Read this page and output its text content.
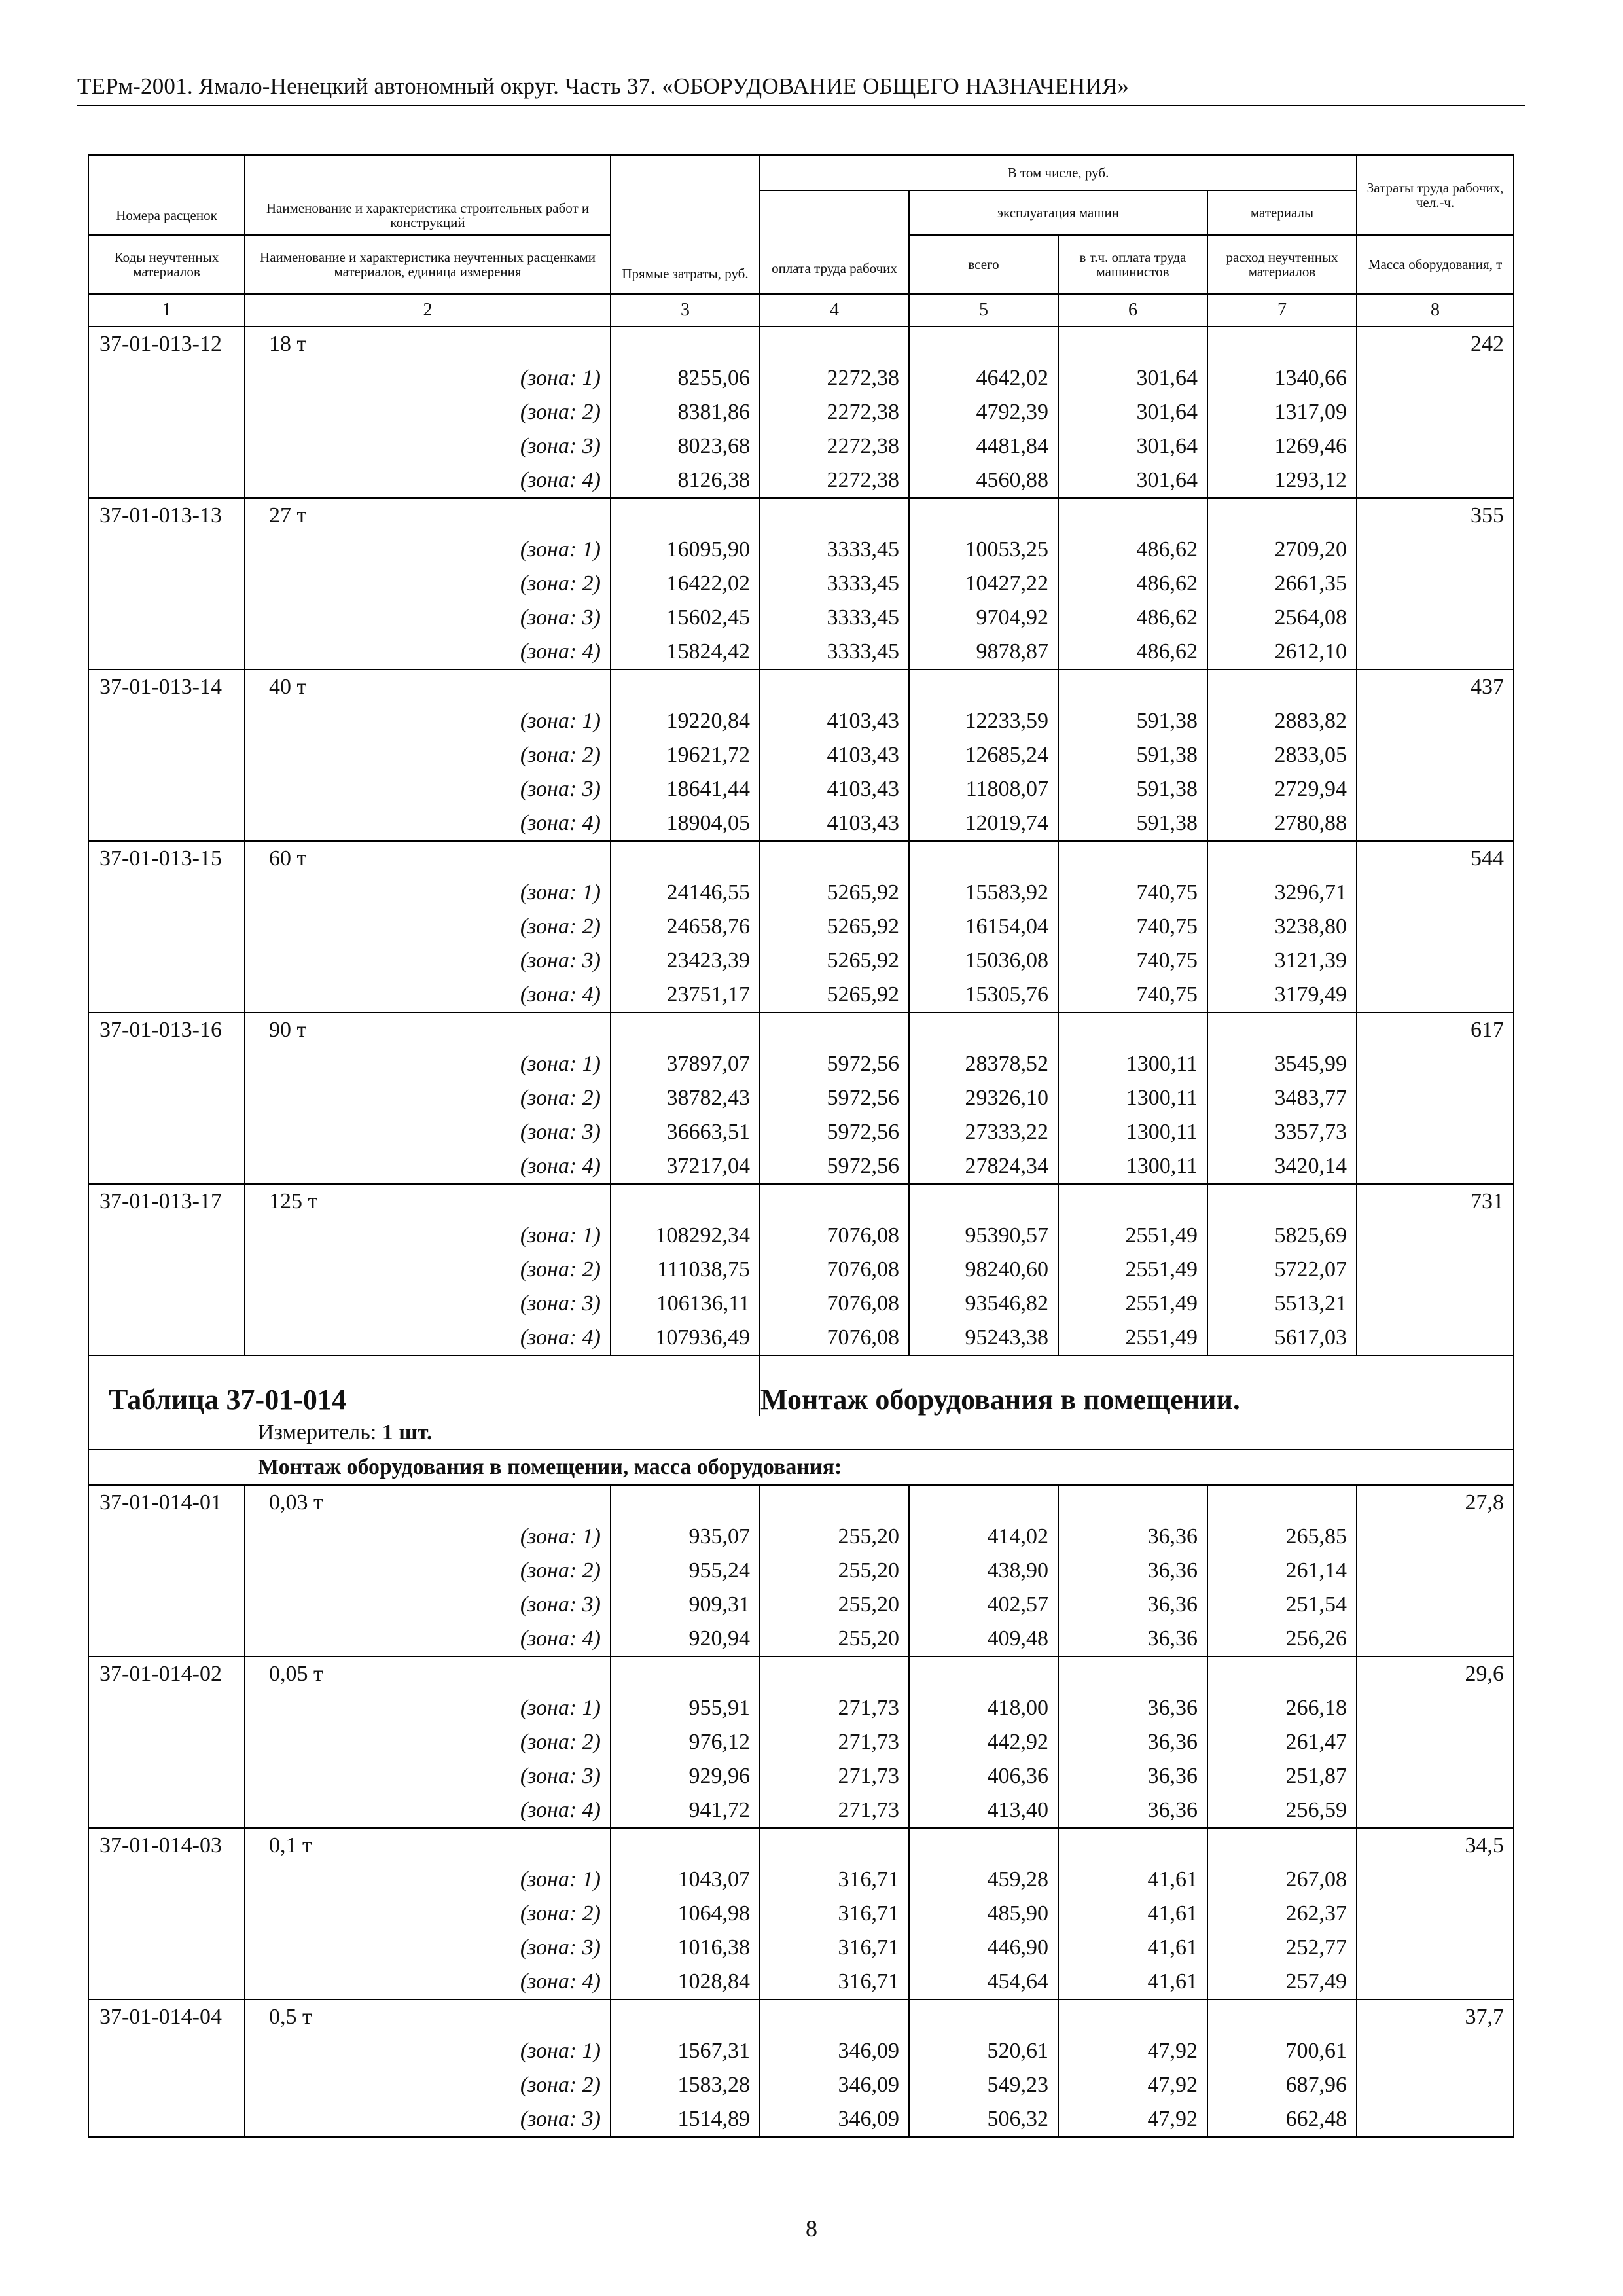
ТЕРм-2001. Ямало-Ненецкий автономный округ. Часть 37. «ОБОРУДОВАНИЕ ОБЩЕГО НАЗНАЧЕНИЯ»
Номера расценок	Наименование и характеристика строительных работ и конструкций	Прямые затраты, руб.	В том числе, руб.				Затраты труда рабочих, чел.-ч.
			оплата труда рабочих	эксплуатация машин		материалы	
				всего	в т.ч. оплата труда машинистов	расход неучтенных материалов	
Коды неучтенных материалов	Наименование и характеристика неучтенных расценками материалов, единица измерения						Масса оборудования, т
1	2	3	4	5	6	7	8
37-01-013-12	18 т						242
	(зона: 1)	8255,06	2272,38	4642,02	301,64	1340,66	
	(зона: 2)	8381,86	2272,38	4792,39	301,64	1317,09	
	(зона: 3)	8023,68	2272,38	4481,84	301,64	1269,46	
	(зона: 4)	8126,38	2272,38	4560,88	301,64	1293,12	
37-01-013-13	27 т						355
	(зона: 1)	16095,90	3333,45	10053,25	486,62	2709,20	
	(зона: 2)	16422,02	3333,45	10427,22	486,62	2661,35	
	(зона: 3)	15602,45	3333,45	9704,92	486,62	2564,08	
	(зона: 4)	15824,42	3333,45	9878,87	486,62	2612,10	
37-01-013-14	40 т						437
	(зона: 1)	19220,84	4103,43	12233,59	591,38	2883,82	
	(зона: 2)	19621,72	4103,43	12685,24	591,38	2833,05	
	(зона: 3)	18641,44	4103,43	11808,07	591,38	2729,94	
	(зона: 4)	18904,05	4103,43	12019,74	591,38	2780,88	
37-01-013-15	60 т						544
	(зона: 1)	24146,55	5265,92	15583,92	740,75	3296,71	
	(зона: 2)	24658,76	5265,92	16154,04	740,75	3238,80	
	(зона: 3)	23423,39	5265,92	15036,08	740,75	3121,39	
	(зона: 4)	23751,17	5265,92	15305,76	740,75	3179,49	
37-01-013-16	90 т						617
	(зона: 1)	37897,07	5972,56	28378,52	1300,11	3545,99	
	(зона: 2)	38782,43	5972,56	29326,10	1300,11	3483,77	
	(зона: 3)	36663,51	5972,56	27333,22	1300,11	3357,73	
	(зона: 4)	37217,04	5972,56	27824,34	1300,11	3420,14	
37-01-013-17	125 т						731
	(зона: 1)	108292,34	7076,08	95390,57	2551,49	5825,69	
	(зона: 2)	111038,75	7076,08	98240,60	2551,49	5722,07	
	(зона: 3)	106136,11	7076,08	93546,82	2551,49	5513,21	
	(зона: 4)	107936,49	7076,08	95243,38	2551,49	5617,03	
Таблица 37-01-014			Монтаж оборудования в помещении.				
Измеритель: 1 шт.							
Монтаж оборудования в помещении, масса оборудования:							
37-01-014-01	0,03 т						27,8
	(зона: 1)	935,07	255,20	414,02	36,36	265,85	
	(зона: 2)	955,24	255,20	438,90	36,36	261,14	
	(зона: 3)	909,31	255,20	402,57	36,36	251,54	
	(зона: 4)	920,94	255,20	409,48	36,36	256,26	
37-01-014-02	0,05 т						29,6
	(зона: 1)	955,91	271,73	418,00	36,36	266,18	
	(зона: 2)	976,12	271,73	442,92	36,36	261,47	
	(зона: 3)	929,96	271,73	406,36	36,36	251,87	
	(зона: 4)	941,72	271,73	413,40	36,36	256,59	
37-01-014-03	0,1 т						34,5
	(зона: 1)	1043,07	316,71	459,28	41,61	267,08	
	(зона: 2)	1064,98	316,71	485,90	41,61	262,37	
	(зона: 3)	1016,38	316,71	446,90	41,61	252,77	
	(зона: 4)	1028,84	316,71	454,64	41,61	257,49	
37-01-014-04	0,5 т						37,7
	(зона: 1)	1567,31	346,09	520,61	47,92	700,61	
	(зона: 2)	1583,28	346,09	549,23	47,92	687,96	
	(зона: 3)	1514,89	346,09	506,32	47,92	662,48	
8
